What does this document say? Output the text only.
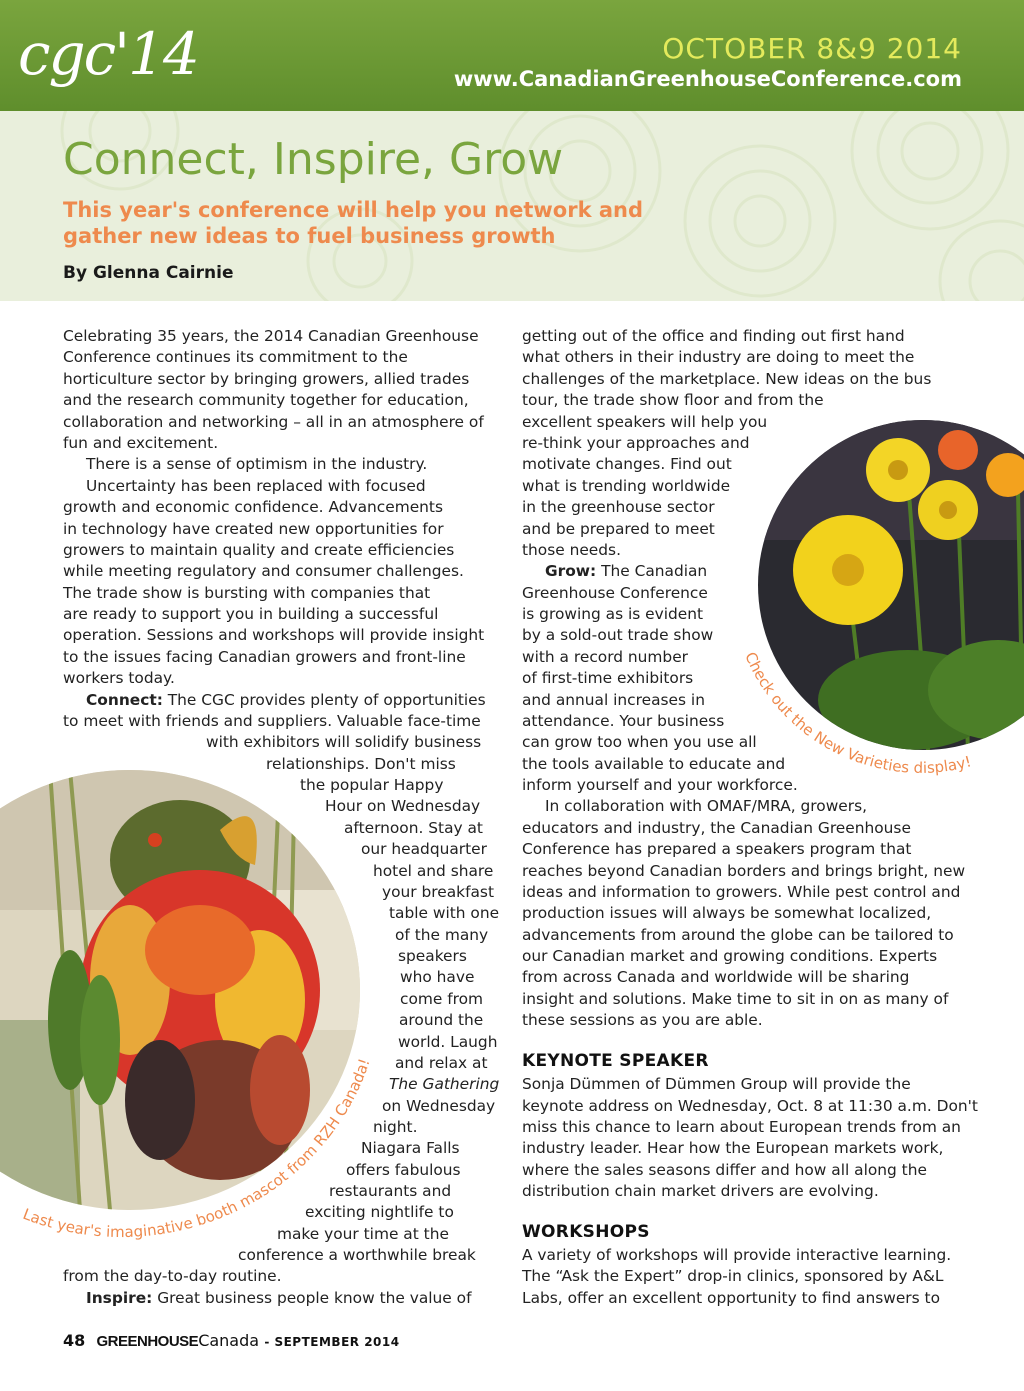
cgc'14	OCTOBER 8&9 2014
www.CanadianGreenhouseConference.com
Connect, Inspire, Grow
This year's conference will help you network and
gather new ideas to fuel business growth
By Glenna Cairnie
Check out the New Varieties display!
Last year's imaginative booth mascot from RZH Canada!
Celebrating 35 years, the 2014 Canadian Greenhouse
Conference continues its commitment to the
horticulture sector by bringing growers, allied trades
and the research community together for education,
collaboration and networking – all in an atmosphere of
fun and excitement.
There is a sense of optimism in the industry.
Uncertainty has been replaced with focused
growth and economic confidence. Advancements
in technology have created new opportunities for
growers to maintain quality and create efficiencies
while meeting regulatory and consumer challenges.
The trade show is bursting with companies that
are ready to support you in building a successful
operation. Sessions and workshops will provide insight
to the issues facing Canadian growers and front-line
workers today.
Connect: The CGC provides plenty of opportunities
to meet with friends and suppliers. Valuable face-time
with exhibitors will solidify business
relationships. Don't miss
the popular Happy
Hour on Wednesday
afternoon. Stay at
our headquarter
hotel and share
your breakfast
table with one
of the many
speakers
who have
come from
around the
world. Laugh
and relax at
The Gathering
on Wednesday
night.
Niagara Falls
offers fabulous
restaurants and
exciting nightlife to
make your time at the
conference a worthwhile break
from the day-to-day routine.
Inspire: Great business people know the value of
getting out of the office and finding out first hand
what others in their industry are doing to meet the
challenges of the marketplace. New ideas on the bus
tour, the trade show floor and from the
excellent speakers will help you
re-think your approaches and
motivate changes. Find out
what is trending worldwide
in the greenhouse sector
and be prepared to meet
those needs.
Grow: The Canadian
Greenhouse Conference
is growing as is evident
by a sold-out trade show
with a record number
of first-time exhibitors
and annual increases in
attendance. Your business
can grow too when you use all
the tools available to educate and
inform yourself and your workforce.
In collaboration with OMAF/MRA, growers,
educators and industry, the Canadian Greenhouse
Conference has prepared a speakers program that
reaches beyond Canadian borders and brings bright, new
ideas and information to growers. While pest control and
production issues will always be somewhat localized,
advancements from around the globe can be tailored to
our Canadian market and growing conditions. Experts
from across Canada and worldwide will be sharing
insight and solutions. Make time to sit in on as many of
these sessions as you are able.
KEYNOTE SPEAKER
Sonja Dümmen of Dümmen Group will provide the
keynote address on Wednesday, Oct. 8 at 11:30 a.m. Don't
miss this chance to learn about European trends from an
industry leader. Hear how the European markets work,
where the sales seasons differ and how all along the
distribution chain market drivers are evolving.
WORKSHOPS
A variety of workshops will provide interactive learning.
The “Ask the Expert” drop-in clinics, sponsored by A&L
Labs, offer an excellent opportunity to find answers to
48 GREENHOUSECanada - SEPTEMBER 2014
